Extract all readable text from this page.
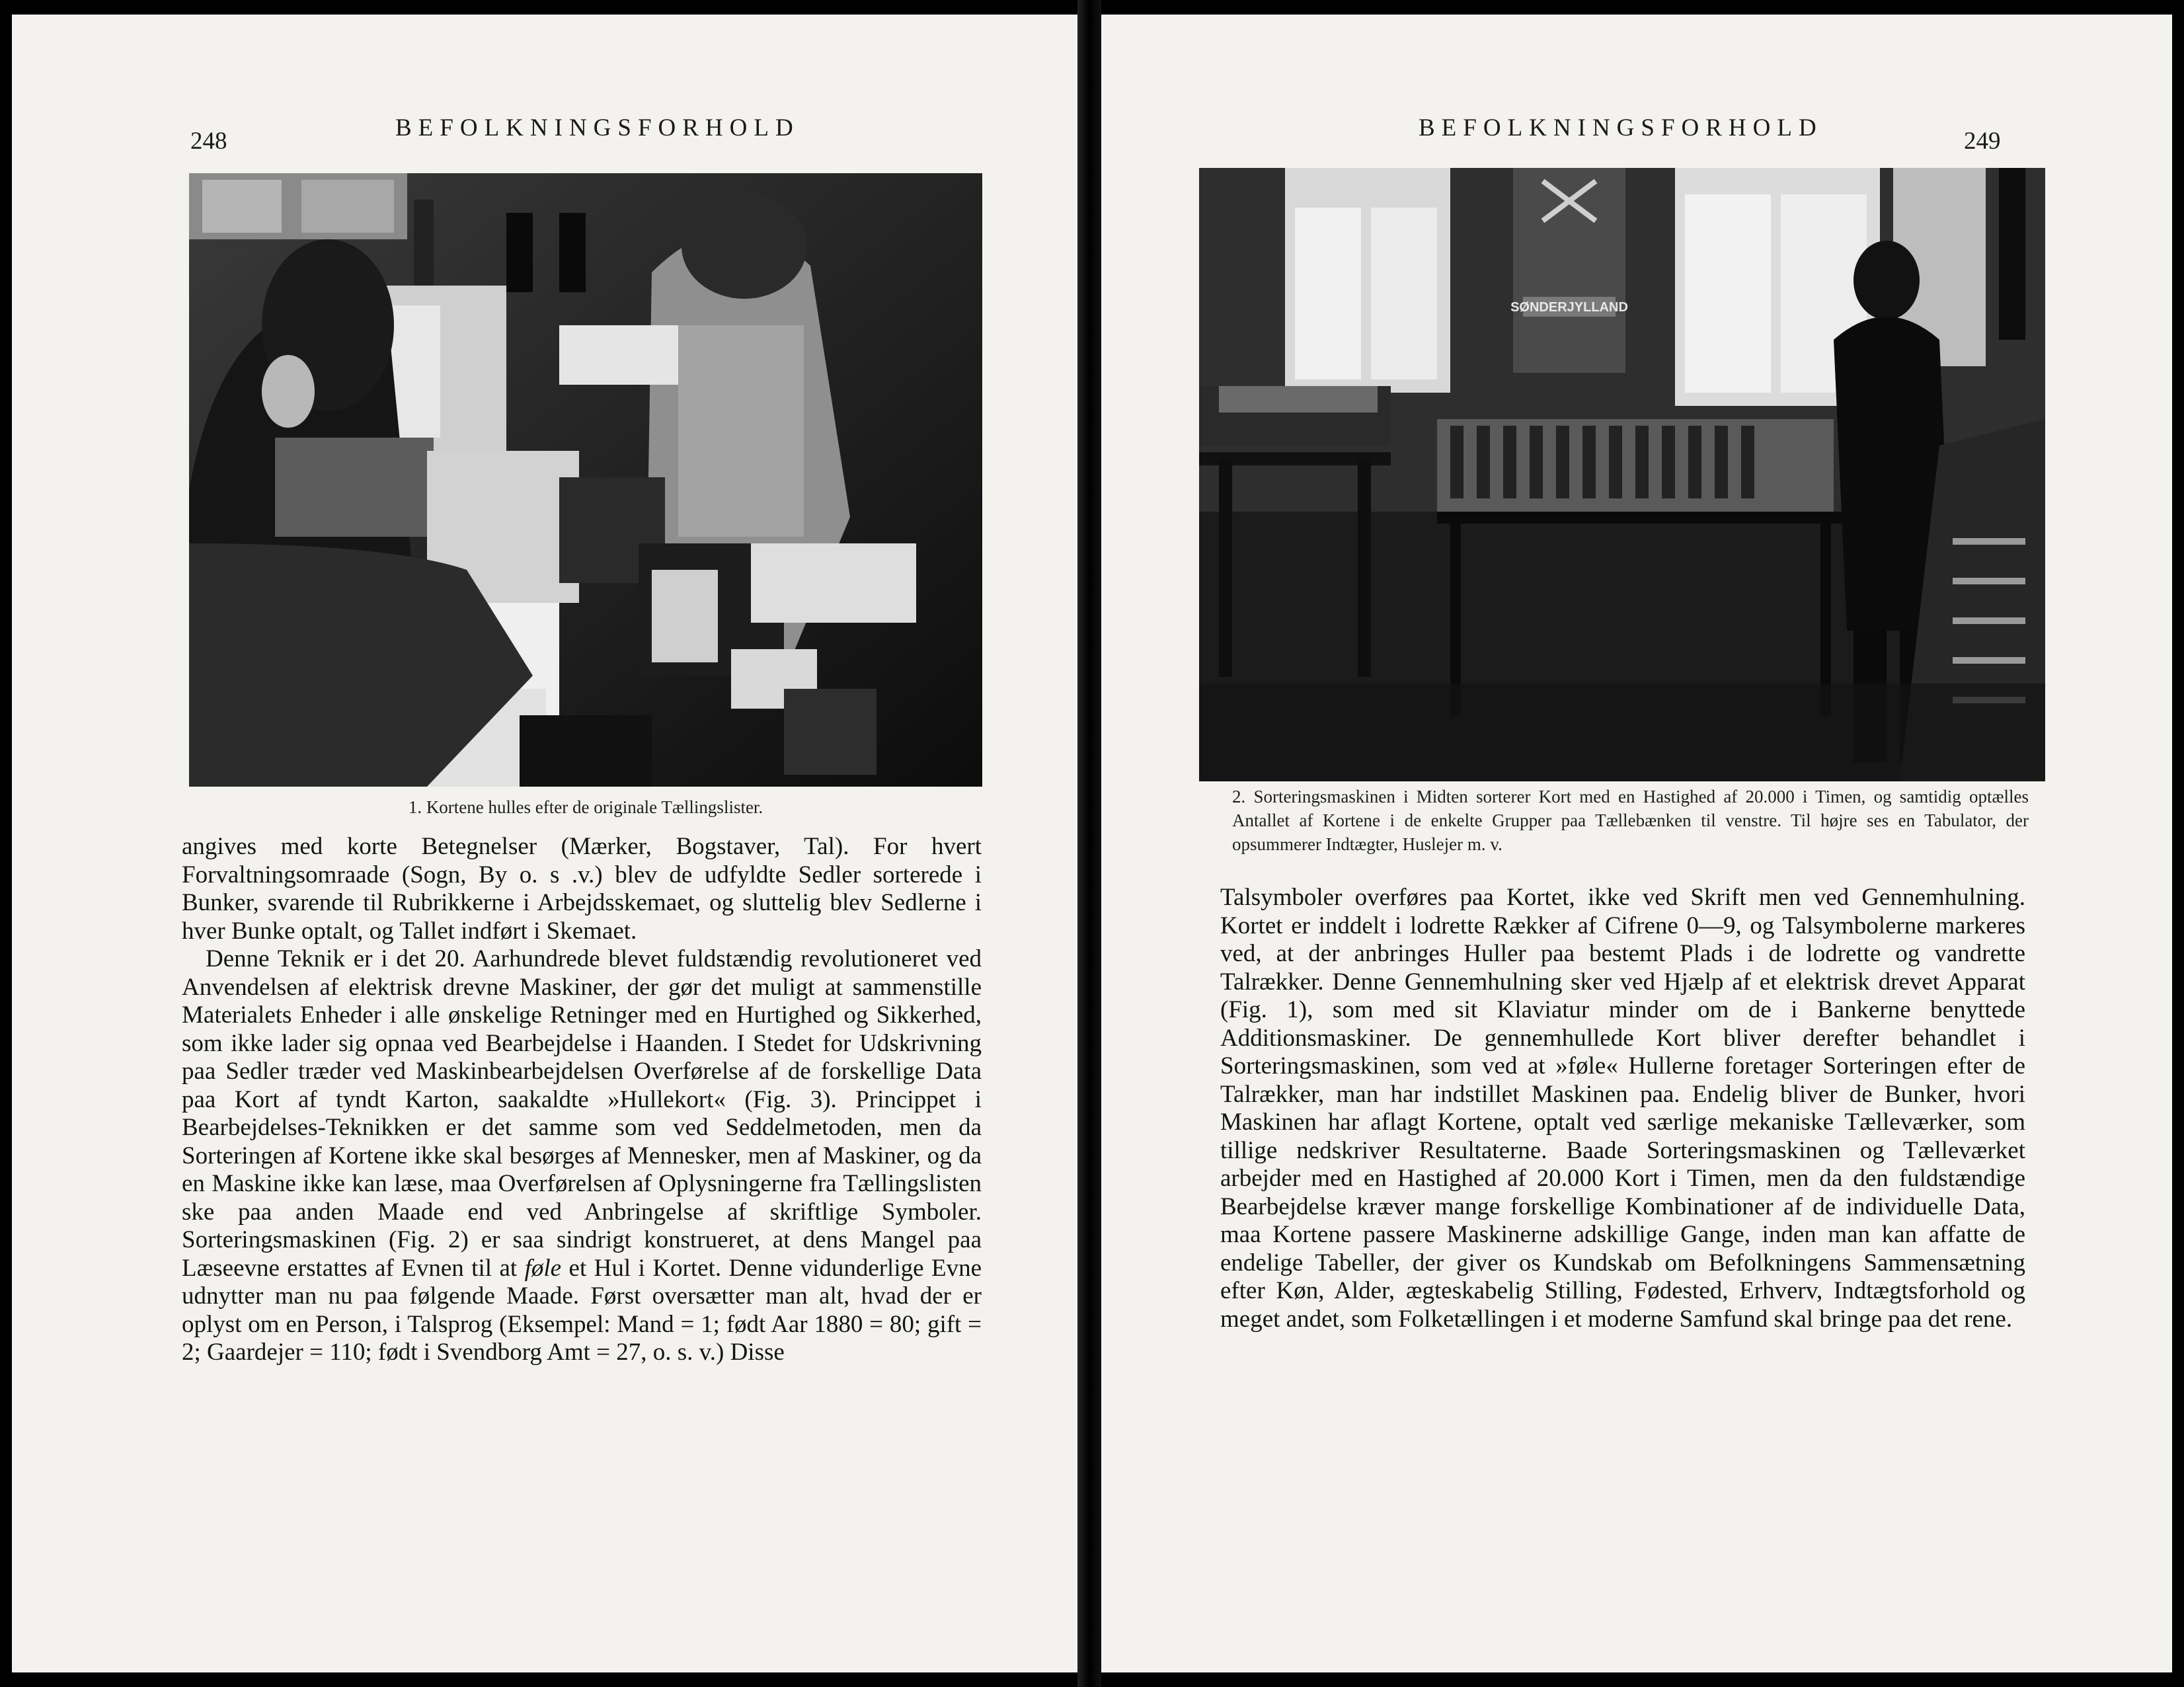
248	BEFOLKNINGSFORHOLD
1. Kortene hulles efter de originale Tællingslister.

angives med korte Betegnelser (Mærker, Bogstaver, Tal). For hvert Forvaltningsomraade (Sogn, By o. s .v.) blev de udfyldte Sedler sorterede i Bunker, svarende til Rubrikkerne i Arbejdsskemaet, og sluttelig blev Sedlerne i hver Bunke optalt, og Tallet indført i Skemaet.

Denne Teknik er i det 20. Aarhundrede blevet fuldstændig revolutioneret ved Anvendelsen af elektrisk drevne Maskiner, der gør det muligt at sammenstille Materialets Enheder i alle ønskelige Retninger med en Hurtighed og Sikkerhed, som ikke lader sig opnaa ved Bearbejdelse i Haanden. I Stedet for Udskrivning paa Sedler træder ved Maskinbearbejdelsen Overførelse af de forskellige Data paa Kort af tyndt Karton, saakaldte »Hullekort« (Fig. 3). Princippet i Bearbejdelses-Teknikken er det samme som ved Seddelmetoden, men da Sorteringen af Kortene ikke skal besørges af Mennesker, men af Maskiner, og da en Maskine ikke kan læse, maa Overførelsen af Oplysningerne fra Tællingslisten ske paa anden Maade end ved Anbringelse af skriftlige Symboler. Sorteringsmaskinen (Fig. 2) er saa sindrigt konstrueret, at dens Mangel paa Læseevne erstattes af Evnen til at føle et Hul i Kortet. Denne vidunderlige Evne udnytter man nu paa følgende Maade. Først oversætter man alt, hvad der er oplyst om en Person, i Talsprog (Eksempel: Mand = 1; født Aar 1880 = 80; gift = 2; Gaardejer = 110; født i Svendborg Amt = 27, o. s. v.) Disse

BEFOLKNINGSFORHOLD	249
SØNDERJYLLAND
2. Sorteringsmaskinen i Midten sorterer Kort med en Hastighed af 20.000 i Timen, og samtidig optælles Antallet af Kortene i de enkelte Grupper paa Tællebænken til venstre. Til højre ses en Tabulator, der opsummerer Indtægter, Huslejer m. v.

Talsymboler overføres paa Kortet, ikke ved Skrift men ved Gennemhulning. Kortet er inddelt i lodrette Rækker af Cifrene 0—9, og Talsymbolerne markeres ved, at der anbringes Huller paa bestemt Plads i de lodrette og vandrette Talrækker. Denne Gennemhulning sker ved Hjælp af et elektrisk drevet Apparat (Fig. 1), som med sit Klaviatur minder om de i Bankerne benyttede Additionsmaskiner. De gennemhullede Kort bliver derefter behandlet i Sorteringsmaskinen, som ved at »føle« Hullerne foretager Sorteringen efter de Talrækker, man har indstillet Maskinen paa. Endelig bliver de Bunker, hvori Maskinen har aflagt Kortene, optalt ved særlige mekaniske Tælleværker, som tillige nedskriver Resultaterne. Baade Sorteringsmaskinen og Tælleværket arbejder med en Hastighed af 20.000 Kort i Timen, men da den fuldstændige Bearbejdelse kræver mange forskellige Kombinationer af de individuelle Data, maa Kortene passere Maskinerne adskillige Gange, inden man kan affatte de endelige Tabeller, der giver os Kundskab om Befolkningens Sammensætning efter Køn, Alder, ægteskabelig Stilling, Fødested, Erhverv, Indtægtsforhold og meget andet, som Folketællingen i et moderne Samfund skal bringe paa det rene.
